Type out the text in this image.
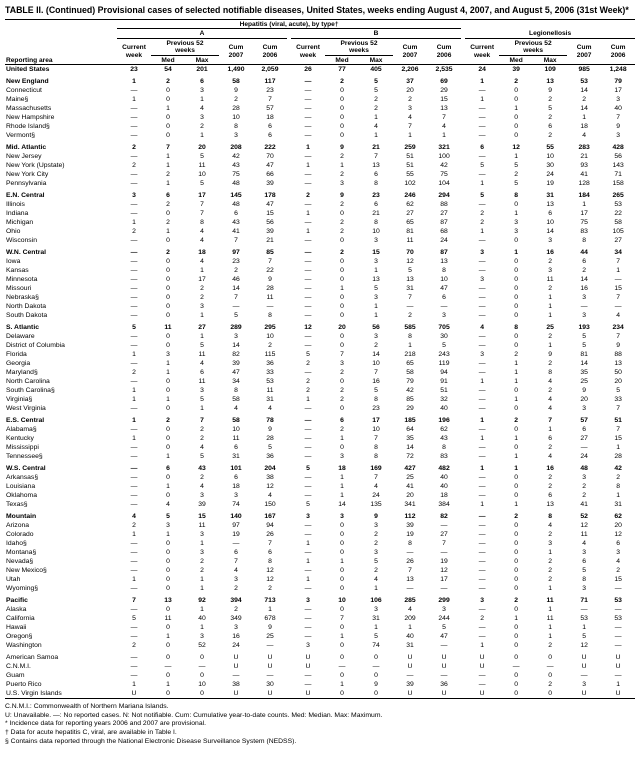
TABLE II. (Continued) Provisional cases of selected notifiable diseases, United States, weeks ending August 4, 2007, and August 5, 2006 (31st Week)*
	Hepatitis (viral, acute), by type†																
	A						B						Legionellosis				
Reporting area	Current week	Previous 52 weeks		Cum 2007	Cum 2006		Current week	Previous 52 weeks		Cum 2007	Cum 2006		Current week	Previous 52 weeks		Cum 2007	Cum 2006

		Med	Max					Med	Max					Med	Max		
United States	23	54	201	1,490	2,059		26	77	405	2,206	2,535		24	39	109	985	1,248
New England	1	2	6	58	117		—	2	5	37	69		1	2	13	53	79
Connecticut	—	0	3	9	23		—	0	5	20	29		—	0	9	14	17
Maine§	1	0	1	2	7		—	0	2	2	15		1	0	2	2	3
Massachusetts	—	1	4	28	57		—	0	2	3	13		—	1	5	14	40
New Hampshire	—	0	3	10	18		—	0	1	4	7		—	0	2	1	7
Rhode Island§	—	0	2	8	6		—	0	4	7	4		—	0	6	18	9
Vermont§	—	0	1	3	6		—	0	1	1	1		—	0	2	4	3
Mid. Atlantic	2	7	20	208	222		1	9	21	259	321		6	12	55	283	428
New Jersey	—	1	5	42	70		—	2	7	51	100		—	1	10	21	56
New York (Upstate)	2	1	11	43	47		1	1	13	51	42		5	5	30	93	143
New York City	—	2	10	75	66		—	2	6	55	75		—	2	24	41	71
Pennsylvania	—	1	5	48	39		—	3	8	102	104		1	5	19	128	158
E.N. Central	3	6	17	145	178		2	9	23	246	294		5	8	31	184	265
Illinois	—	2	7	48	47		—	2	6	62	88		—	0	13	1	53
Indiana	—	0	7	6	15		1	0	21	27	27		2	1	6	17	22
Michigan	1	2	8	43	56		—	2	8	65	87		2	3	10	75	58
Ohio	2	1	4	41	39		1	2	10	81	68		1	3	14	83	105
Wisconsin	—	0	4	7	21		—	0	3	11	24		—	0	3	8	27
W.N. Central	—	2	18	97	85		—	2	15	70	87		3	1	16	44	34
Iowa	—	0	4	23	7		—	0	3	12	13		—	0	2	6	7
Kansas	—	0	1	2	22		—	0	1	5	8		—	0	3	2	1
Minnesota	—	0	17	46	9		—	0	13	13	10		3	0	11	14	—
Missouri	—	0	2	14	28		—	1	5	31	47		—	0	2	16	15
Nebraska§	—	0	2	7	11		—	0	3	7	6		—	0	1	3	7
North Dakota	—	0	3	—	—		—	0	1	—	—		—	0	1	—	—
South Dakota	—	0	1	5	8		—	0	1	2	3		—	0	1	3	4
S. Atlantic	5	11	27	289	295		12	20	56	585	705		4	8	25	193	234
Delaware	—	0	1	3	10		—	0	3	8	30		—	0	2	5	7
District of Columbia	—	0	5	14	2		—	0	2	1	5		—	0	1	5	9
Florida	1	3	11	82	115		5	7	14	218	243		3	2	9	81	88
Georgia	—	1	4	39	36		2	3	10	65	119		—	1	2	14	13
Maryland§	2	1	6	47	33		—	2	7	58	94		—	1	8	35	50
North Carolina	—	0	11	34	53		2	0	16	79	91		1	1	4	25	20
South Carolina§	1	0	3	8	11		2	2	5	42	51		—	0	2	9	5
Virginia§	1	1	5	58	31		1	2	8	85	32		—	1	4	20	33
West Virginia	—	0	1	4	4		—	0	23	29	40		—	0	4	3	7
E.S. Central	1	2	7	58	78		—	6	17	185	196		1	2	7	57	51
Alabama§	—	0	2	10	9		—	2	10	64	62		—	0	1	6	7
Kentucky	1	0	2	11	28		—	1	7	35	43		1	1	6	27	15
Mississippi	—	0	4	6	5		—	0	8	14	8		—	0	2	—	1
Tennessee§	—	1	5	31	36		—	3	8	72	83		—	1	4	24	28
W.S. Central	—	6	43	101	204		5	18	169	427	482		1	1	16	48	42
Arkansas§	—	0	2	6	38		—	1	7	25	40		—	0	2	3	2
Louisiana	—	1	4	18	12		—	1	4	41	40		—	0	2	2	8
Oklahoma	—	0	3	3	4		—	1	24	20	18		—	0	6	2	1
Texas§	—	4	39	74	150		5	14	135	341	384		1	1	13	41	31
Mountain	4	5	15	140	167		3	3	9	112	82		—	2	8	52	62
Arizona	2	3	11	97	94		—	0	3	39	—		—	0	4	12	20
Colorado	1	1	3	19	26		—	0	2	19	27		—	0	2	11	12
Idaho§	—	0	1	—	7		1	0	2	8	7		—	0	3	4	6
Montana§	—	0	3	6	6		—	0	3	—	—		—	0	1	3	3
Nevada§	—	0	2	7	8		1	1	5	26	19		—	0	2	6	4
New Mexico§	—	0	2	4	12		—	0	2	7	12		—	0	2	5	2
Utah	1	0	1	3	12		1	0	4	13	17		—	0	2	8	15
Wyoming§	—	0	1	2	2		—	0	1	—	—		—	0	1	3	—
Pacific	7	13	92	394	713		3	10	106	285	299		3	2	11	71	53
Alaska	—	0	1	2	1		—	0	3	4	3		—	0	1	—	—
California	5	11	40	349	678		—	7	31	209	244		2	1	11	53	53
Hawaii	—	0	1	3	9		—	0	1	1	5		—	0	1	1	—
Oregon§	—	1	3	16	25		—	1	5	40	47		—	0	1	5	—
Washington	2	0	52	24	—		3	0	74	31	—		1	0	2	12	—
American Samoa	—	0	0	U	U		U	0	0	U	U		U	0	0	U	U
C.N.M.I.	—	—	—	U	U		U	—	—	U	U		U	—	—	U	U
Guam	—	0	0	—	—		—	0	0	—	—		—	0	0	—	—
Puerto Rico	1	1	10	38	30		—	1	9	39	36		—	0	2	3	1
U.S. Virgin Islands	U	0	0	U	U		U	0	0	U	U		U	0	0	U	U
C.N.M.I.: Commonwealth of Northern Mariana Islands.
U: Unavailable. —: No reported cases. N: Not notifiable. Cum: Cumulative year-to-date counts. Med: Median. Max: Maximum.
* Incidence data for reporting years 2006 and 2007 are provisional.
† Data for acute hepatitis C, viral, are available in Table I.
§ Contains data reported through the National Electronic Disease Surveillance System (NEDSS).
